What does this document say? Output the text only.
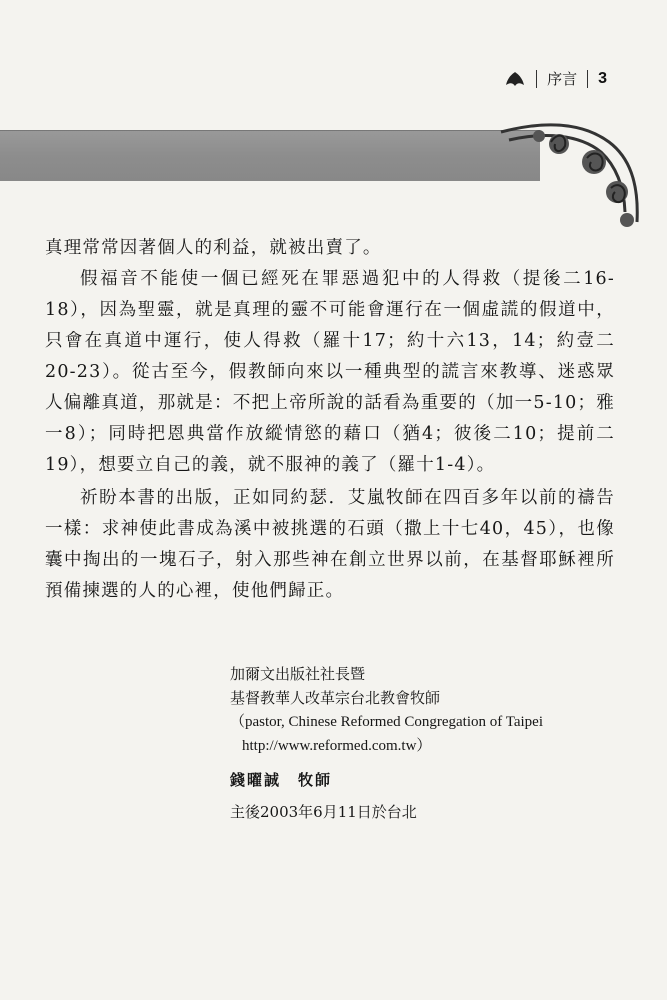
序言 3

真理常常因著個人的利益，就被出賣了。

假福音不能使一個已經死在罪惡過犯中的人得救（提後二16-18），因為聖靈，就是真理的靈不可能會運行在一個虛謊的假道中，只會在真道中運行，使人得救（羅十17；約十六13，14；約壹二20-23）。從古至今，假教師向來以一種典型的謊言來教導、迷惑眾人偏離真道，那就是：不把上帝所說的話看為重要的（加一5-10；雅一8）；同時把恩典當作放縱情慾的藉口（猶4；彼後二10；提前二19），想要立自己的義，就不服神的義了（羅十1-4）。

祈盼本書的出版，正如同約瑟．艾嵐牧師在四百多年以前的禱告一樣：求神使此書成為溪中被挑選的石頭（撒上十七40，45），也像囊中掏出的一塊石子，射入那些神在創立世界以前，在基督耶穌裡所預備揀選的人的心裡，使他們歸正。

加爾文出版社社長暨
基督教華人改革宗台北教會牧師
（pastor, Chinese Reformed Congregation of Taipei
http://www.reformed.com.tw）
錢曜誠　牧師
主後2003年6月11日於台北
